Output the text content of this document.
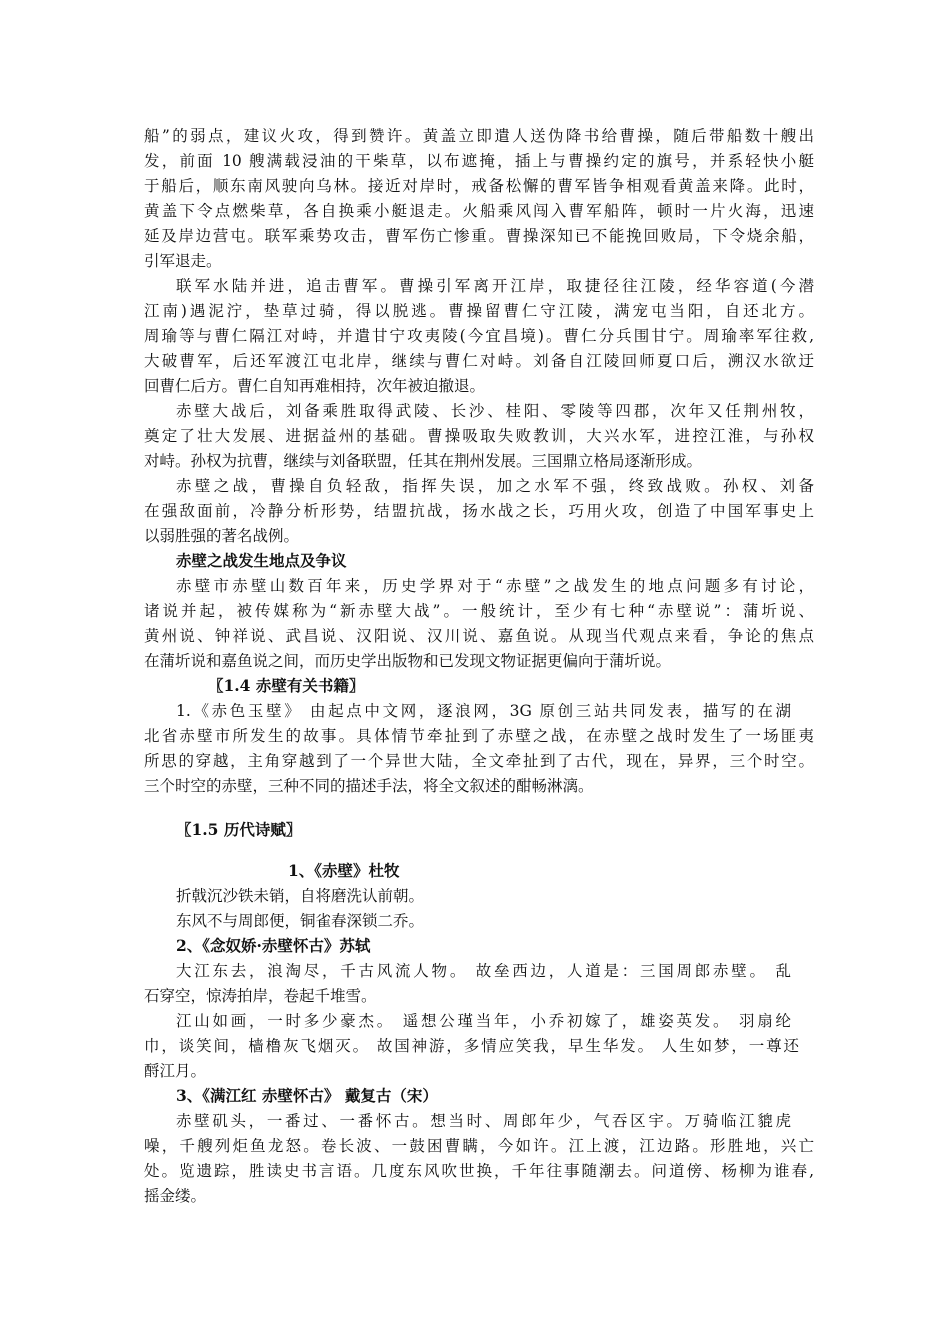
船”的弱点，建议火攻，得到赞许。黄盖立即遣人送伪降书给曹操，随后带船数十艘出
发，前面 10 艘满载浸油的干柴草，以布遮掩，插上与曹操约定的旗号，并系轻快小艇
于船后，顺东南风驶向乌林。接近对岸时，戒备松懈的曹军皆争相观看黄盖来降。此时，
黄盖下令点燃柴草，各自换乘小艇退走。火船乘风闯入曹军船阵，顿时一片火海，迅速
延及岸边营屯。联军乘势攻击，曹军伤亡惨重。曹操深知已不能挽回败局，下令烧余船，
引军退走。
联军水陆并进，追击曹军。曹操引军离开江岸，取捷径往江陵，经华容道(今潜
江南)遇泥泞，垫草过骑，得以脱逃。曹操留曹仁守江陵，满宠屯当阳，自还北方。
周瑜等与曹仁隔江对峙，并遣甘宁攻夷陵(今宜昌境)。曹仁分兵围甘宁。周瑜率军往救,
大破曹军，后还军渡江屯北岸，继续与曹仁对峙。刘备自江陵回师夏口后，溯汉水欲迂
回曹仁后方。曹仁自知再难相持，次年被迫撤退。
赤壁大战后，刘备乘胜取得武陵、长沙、桂阳、零陵等四郡，次年又任荆州牧，
奠定了壮大发展、进据益州的基础。曹操吸取失败教训，大兴水军，进控江淮，与孙权
对峙。孙权为抗曹，继续与刘备联盟，任其在荆州发展。三国鼎立格局逐渐形成。
赤壁之战，曹操自负轻敌，指挥失误，加之水军不强，终致战败。孙权、刘备
在强敌面前，冷静分析形势，结盟抗战，扬水战之长，巧用火攻，创造了中国军事史上
以弱胜强的著名战例。
赤壁之战发生地点及争议
赤壁市赤壁山数百年来，历史学界对于“赤壁”之战发生的地点问题多有讨论，
诸说并起，被传媒称为“新赤壁大战”。一般统计，至少有七种“赤壁说”：蒲圻说、
黄州说、钟祥说、武昌说、汉阳说、汉川说、嘉鱼说。从现当代观点来看，争论的焦点
在蒲圻说和嘉鱼说之间，而历史学出版物和已发现文物证据更偏向于蒲圻说。
〖1.4 赤壁有关书籍〗
1.《赤色玉壁》 由起点中文网，逐浪网，3G 原创三站共同发表，描写的在湖
北省赤壁市所发生的故事。具体情节牵扯到了赤壁之战，在赤壁之战时发生了一场匪夷
所思的穿越，主角穿越到了一个异世大陆，全文牵扯到了古代，现在，异界，三个时空。
三个时空的赤壁，三种不同的描述手法，将全文叙述的酣畅淋漓。
〖1.5 历代诗赋〗
1、《赤壁》杜牧
折戟沉沙铁未销，自将磨洗认前朝。
东风不与周郎便，铜雀春深锁二乔。
2、《念奴娇·赤壁怀古》苏轼
大江东去，浪淘尽，千古风流人物。 故垒西边，人道是：三国周郎赤壁。 乱
石穿空，惊涛拍岸，卷起千堆雪。
江山如画，一时多少豪杰。 遥想公瑾当年，小乔初嫁了，雄姿英发。 羽扇纶
巾，谈笑间，樯橹灰飞烟灭。 故国神游，多情应笑我，早生华发。 人生如梦，一尊还
酹江月。
3、《满江红 赤壁怀古》 戴复古（宋）
赤壁矶头，一番过、一番怀古。想当时、周郎年少，气吞区宇。万骑临江貔虎
噪，千艘列炬鱼龙怒。卷长波、一鼓困曹瞒，今如许。江上渡，江边路。形胜地，兴亡
处。览遗踪，胜读史书言语。几度东风吹世换，千年往事随潮去。问道傍、杨柳为谁春,
摇金缕。
